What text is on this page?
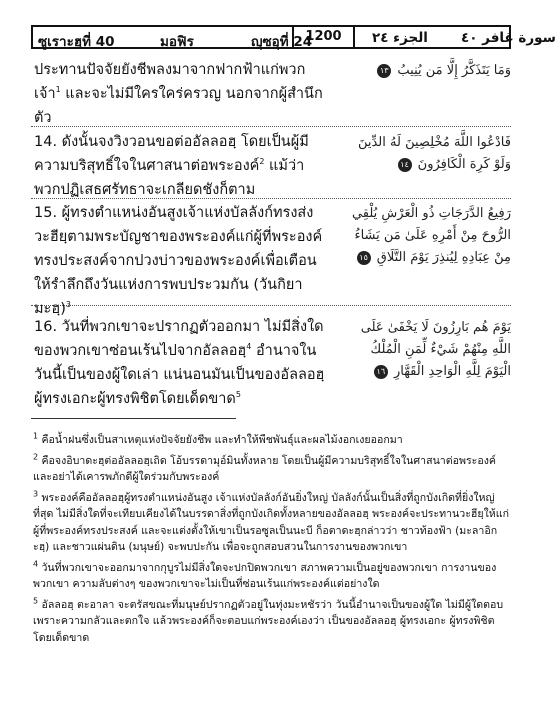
ซูเราะฮฺที่ 40	มอฟิร	ญุซอุที่ 24
1200	الجزء ٢٤ سورة غافر ٤٠
ประทานปัจจัยยังชีพลงมาจากฟากฟ้าแก่พวกเจ้า$^1$ และจะไม่มีใครใคร่ครวญ นอกจากผู้สำนึกตัว
وَمَا يَتَذَكَّرُ إِلَّا مَن يُنِيبُ ١٣
14. ดังนั้นจงวิงวอนขอต่ออัลลอฮฺ โดยเป็นผู้มีความบริสุทธิ์ใจในศาสนาต่อพระองค์$^2$ แม้ว่าพวกปฏิเสธศรัทธาจะเกลียดชังก็ตาม
فَادْعُوا اللَّهَ مُخْلِصِينَ لَهُ الدِّينَ وَلَوْ كَرِهَ الْكَافِرُونَ ١٤
15. ผู้ทรงตำแหน่งอันสูงเจ้าแห่งบัลลังก์ทรงส่งวะฮียฺตามพระบัญชาของพระองค์แก่ผู้ที่พระองค์ทรงประสงค์จากปวงบ่าวของพระองค์เพื่อเตือนให้รำลึกถึงวันแห่งการพบประวมกัน (วันกิยามะฮฺ)$^3$
رَفِيعُ الدَّرَجَاتِ ذُو الْعَرْشِ يُلْقِي الرُّوحَ مِنْ أَمْرِهِ عَلَىٰ مَن يَشَاءُ مِنْ عِبَادِهِ لِيُنذِرَ يَوْمَ التَّلَاقِ ١٥
16. วันที่พวกเขาจะปรากฏตัวออกมา ไม่มีสิ่งใดของพวกเขาซ่อนเร้นไปจากอัลลอฮฺ$^4$ อำนาจในวันนี้เป็นของผู้ใดเล่า แน่นอนมันเป็นของอัลลอฮฺ ผู้ทรงเอกะผู้ทรงพิชิตโดยเด็ดขาด$^5$
يَوْمَ هُم بَارِزُونَ لَا يَخْفَىٰ عَلَى اللَّهِ مِنْهُمْ شَيْءٌ لِّمَنِ الْمُلْكُ الْيَوْمَ لِلَّهِ الْوَاحِدِ الْقَهَّارِ ١٦

$^1$ คือน้ำฝนซึ่งเป็นสาเหตุแห่งปัจจัยยังชีพ และทำให้พืชพันธุ์และผลไม้งอกเงยออกมา

$^2$ คือจงอิบาดะฮฺต่ออัลลอฮฺเถิด โอ้บรรดามุอ์มินทั้งหลาย โดยเป็นผู้มีความบริสุทธิ์ใจในศาสนาต่อพระองค์ และอย่าได้เคารพภักดีผู้ใดร่วมกับพระองค์

$^3$ พระองค์คืออัลลอฮฺผู้ทรงตำแหน่งอันสูง เจ้าแห่งบัลลังก์อันยิ่งใหญ่ บัลลังก์นั้นเป็นสิ่งที่ถูกบังเกิดที่ยิ่งใหญ่ที่สุด ไม่มีสิ่งใดที่จะเทียบเคียงได้ในบรรดาสิ่งที่ถูกบังเกิดทั้งหลายของอัลลอฮฺ พระองค์จะประทานวะฮียฺให้แก่ผู้ที่พระองค์ทรงประสงค์ และจะแต่งตั้งให้เขาเป็นรอซูลเป็นนะบี ก็อตาดะฮฺกล่าวว่า ชาวท้องฟ้า (มะลาอิกะฮฺ) และชาวแผ่นดิน (มนุษย์) จะพบปะกัน เพื่อจะถูกสอบสวนในการงานของพวกเขา

$^4$ วันที่พวกเขาจะออกมาจากกุบูรไม่มีสิ่งใดจะปกปิดพวกเขา สภาพความเป็นอยู่ของพวกเขา การงานของพวกเขา ความลับต่างๆ ของพวกเขาจะไม่เป็นที่ซ่อนเร้นแก่พระองค์แต่อย่างใด

$^5$ อัลลอฮฺ ตะอาลา จะตรัสขณะที่มนุษย์ปรากฏตัวอยู่ในทุ่งมะหชัรว่า วันนี้อำนาจเป็นของผู้ใด ไม่มีผู้ใดตอบเพราะความกลัวและตกใจ แล้วพระองค์ก็จะตอบแก่พระองค์เองว่า เป็นของอัลลอฮฺ ผู้ทรงเอกะ ผู้ทรงพิชิตโดยเด็ดขาด
